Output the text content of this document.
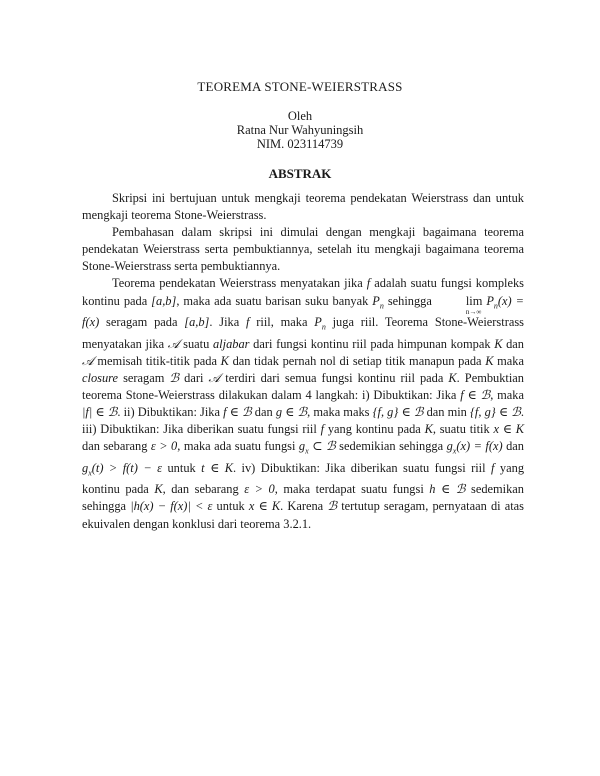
TEOREMA STONE-WEIERSTRASS
Oleh
Ratna Nur Wahyuningsih
NIM. 023114739
ABSTRAK

Skripsi ini bertujuan untuk mengkaji teorema pendekatan Weierstrass dan untuk mengkaji teorema Stone-Weierstrass.

Pembahasan dalam skripsi ini dimulai dengan mengkaji bagaimana teorema pendekatan Weierstrass serta pembuktiannya, setelah itu mengkaji bagaimana teorema Stone-Weierstrass serta pembuktiannya.

Teorema pendekatan Weierstrass menyatakan jika f adalah suatu fungsi kompleks kontinu pada [a,b], maka ada suatu barisan suku banyak $P_n$ sehingga lim
n→∞
$P_n(x) = f(x)$ seragam pada [a,b]. Jika f riil, maka $P_n$ juga riil. Teorema Stone-Weierstrass menyatakan jika 𝒜 suatu aljabar dari fungsi kontinu riil pada himpunan kompak K dan 𝒜 memisah titik-titik pada K dan tidak pernah nol di setiap titik manapun pada K maka closure seragam ℬ dari 𝒜 terdiri dari semua fungsi kontinu riil pada K. Pembuktian teorema Stone-Weierstrass dilakukan dalam 4 langkah: i) Dibuktikan: Jika f ∈ ℬ, maka |f| ∈ ℬ. ii) Dibuktikan: Jika f ∈ ℬ dan g ∈ ℬ, maka maks {f, g} ∈ ℬ dan min {f, g} ∈ ℬ. iii) Dibuktikan: Jika diberikan suatu fungsi riil f yang kontinu pada K, suatu titik x ∈ K dan sebarang ε > 0, maka ada suatu fungsi $g_x$ ⊂ ℬ sedemikian sehingga $g_x(x) = f(x)$ dan $g_x(t) > f(t) - \varepsilon$ untuk t ∈ K. iv) Dibuktikan: Jika diberikan suatu fungsi riil f yang kontinu pada K, dan sebarang ε > 0, maka terdapat suatu fungsi h ∈ ℬ sedemikan sehingga |h(x) − f(x)| < ε untuk x ∈ K. Karena ℬ tertutup seragam, pernyataan di atas ekuivalen dengan konklusi dari teorema 3.2.1.
